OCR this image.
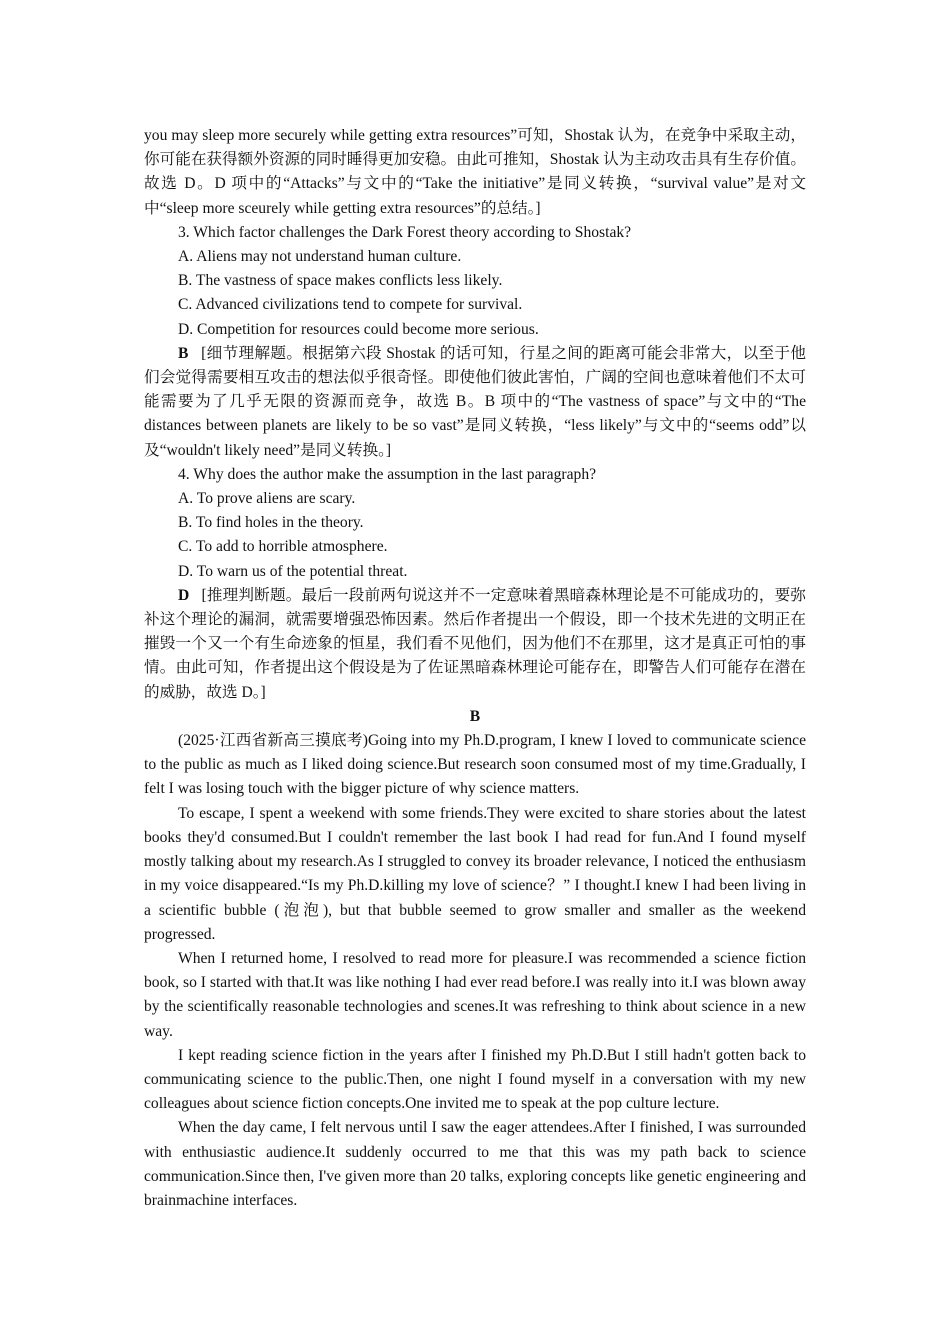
you may sleep more securely while getting extra resources”可知，Shostak 认为，在竞争中采取主动，你可能在获得额外资源的同时睡得更加安稳。由此可推知，Shostak 认为主动攻击具有生存价值。故选 D。D 项中的“Attacks”与文中的“Take the initiative”是同义转换，“survival value”是对文中“sleep more sceurely while getting extra resources”的总结。]

3. Which factor challenges the Dark Forest theory according to Shostak?

A. Aliens may not understand human culture.

B. The vastness of space makes conflicts less likely.

C. Advanced civilizations tend to compete for survival.

D. Competition for resources could become more serious.

B [细节理解题。根据第六段 Shostak 的话可知，行星之间的距离可能会非常大，以至于他们会觉得需要相互攻击的想法似乎很奇怪。即使他们彼此害怕，广阔的空间也意味着他们不太可能需要为了几乎无限的资源而竞争，故选 B。B 项中的“The vastness of space”与文中的“The distances between planets are likely to be so vast”是同义转换，“less likely”与文中的“seems odd”以及“wouldn't likely need”是同义转换。]

4. Why does the author make the assumption in the last paragraph?

A. To prove aliens are scary.

B. To find holes in the theory.

C. To add to horrible atmosphere.

D. To warn us of the potential threat.

D [推理判断题。最后一段前两句说这并不一定意味着黑暗森林理论是不可能成功的，要弥补这个理论的漏洞，就需要增强恐怖因素。然后作者提出一个假设，即一个技术先进的文明正在摧毁一个又一个有生命迹象的恒星，我们看不见他们，因为他们不在那里，这才是真正可怕的事情。由此可知，作者提出这个假设是为了佐证黑暗森林理论可能存在，即警告人们可能存在潜在的威胁，故选 D。]

B

(2025·江西省新高三摸底考)Going into my Ph.D.program, I knew I loved to communicate science to the public as much as I liked doing science.But research soon consumed most of my time.Gradually, I felt I was losing touch with the bigger picture of why science matters.

To escape, I spent a weekend with some friends.They were excited to share stories about the latest books they'd consumed.But I couldn't remember the last book I had read for fun.And I found myself mostly talking about my research.As I struggled to convey its broader relevance, I noticed the enthusiasm in my voice disappeared.“Is my Ph.D.killing my love of science？” I thought.I knew I had been living in a scientific bubble (泡泡), but that bubble seemed to grow smaller and smaller as the weekend progressed.

When I returned home, I resolved to read more for pleasure.I was recommended a science fiction book, so I started with that.It was like nothing I had ever read before.I was really into it.I was blown away by the scientifically reasonable technologies and scenes.It was refreshing to think about science in a new way.

I kept reading science fiction in the years after I finished my Ph.D.But I still hadn't gotten back to communicating science to the public.Then, one night I found myself in a conversation with my new colleagues about science fiction concepts.One invited me to speak at the pop culture lecture.

When the day came, I felt nervous until I saw the eager attendees.After I finished, I was surrounded with enthusiastic audience.It suddenly occurred to me that this was my path back to science communication.Since then, I've given more than 20 talks, exploring concepts like genetic engineering and brainmachine interfaces.
